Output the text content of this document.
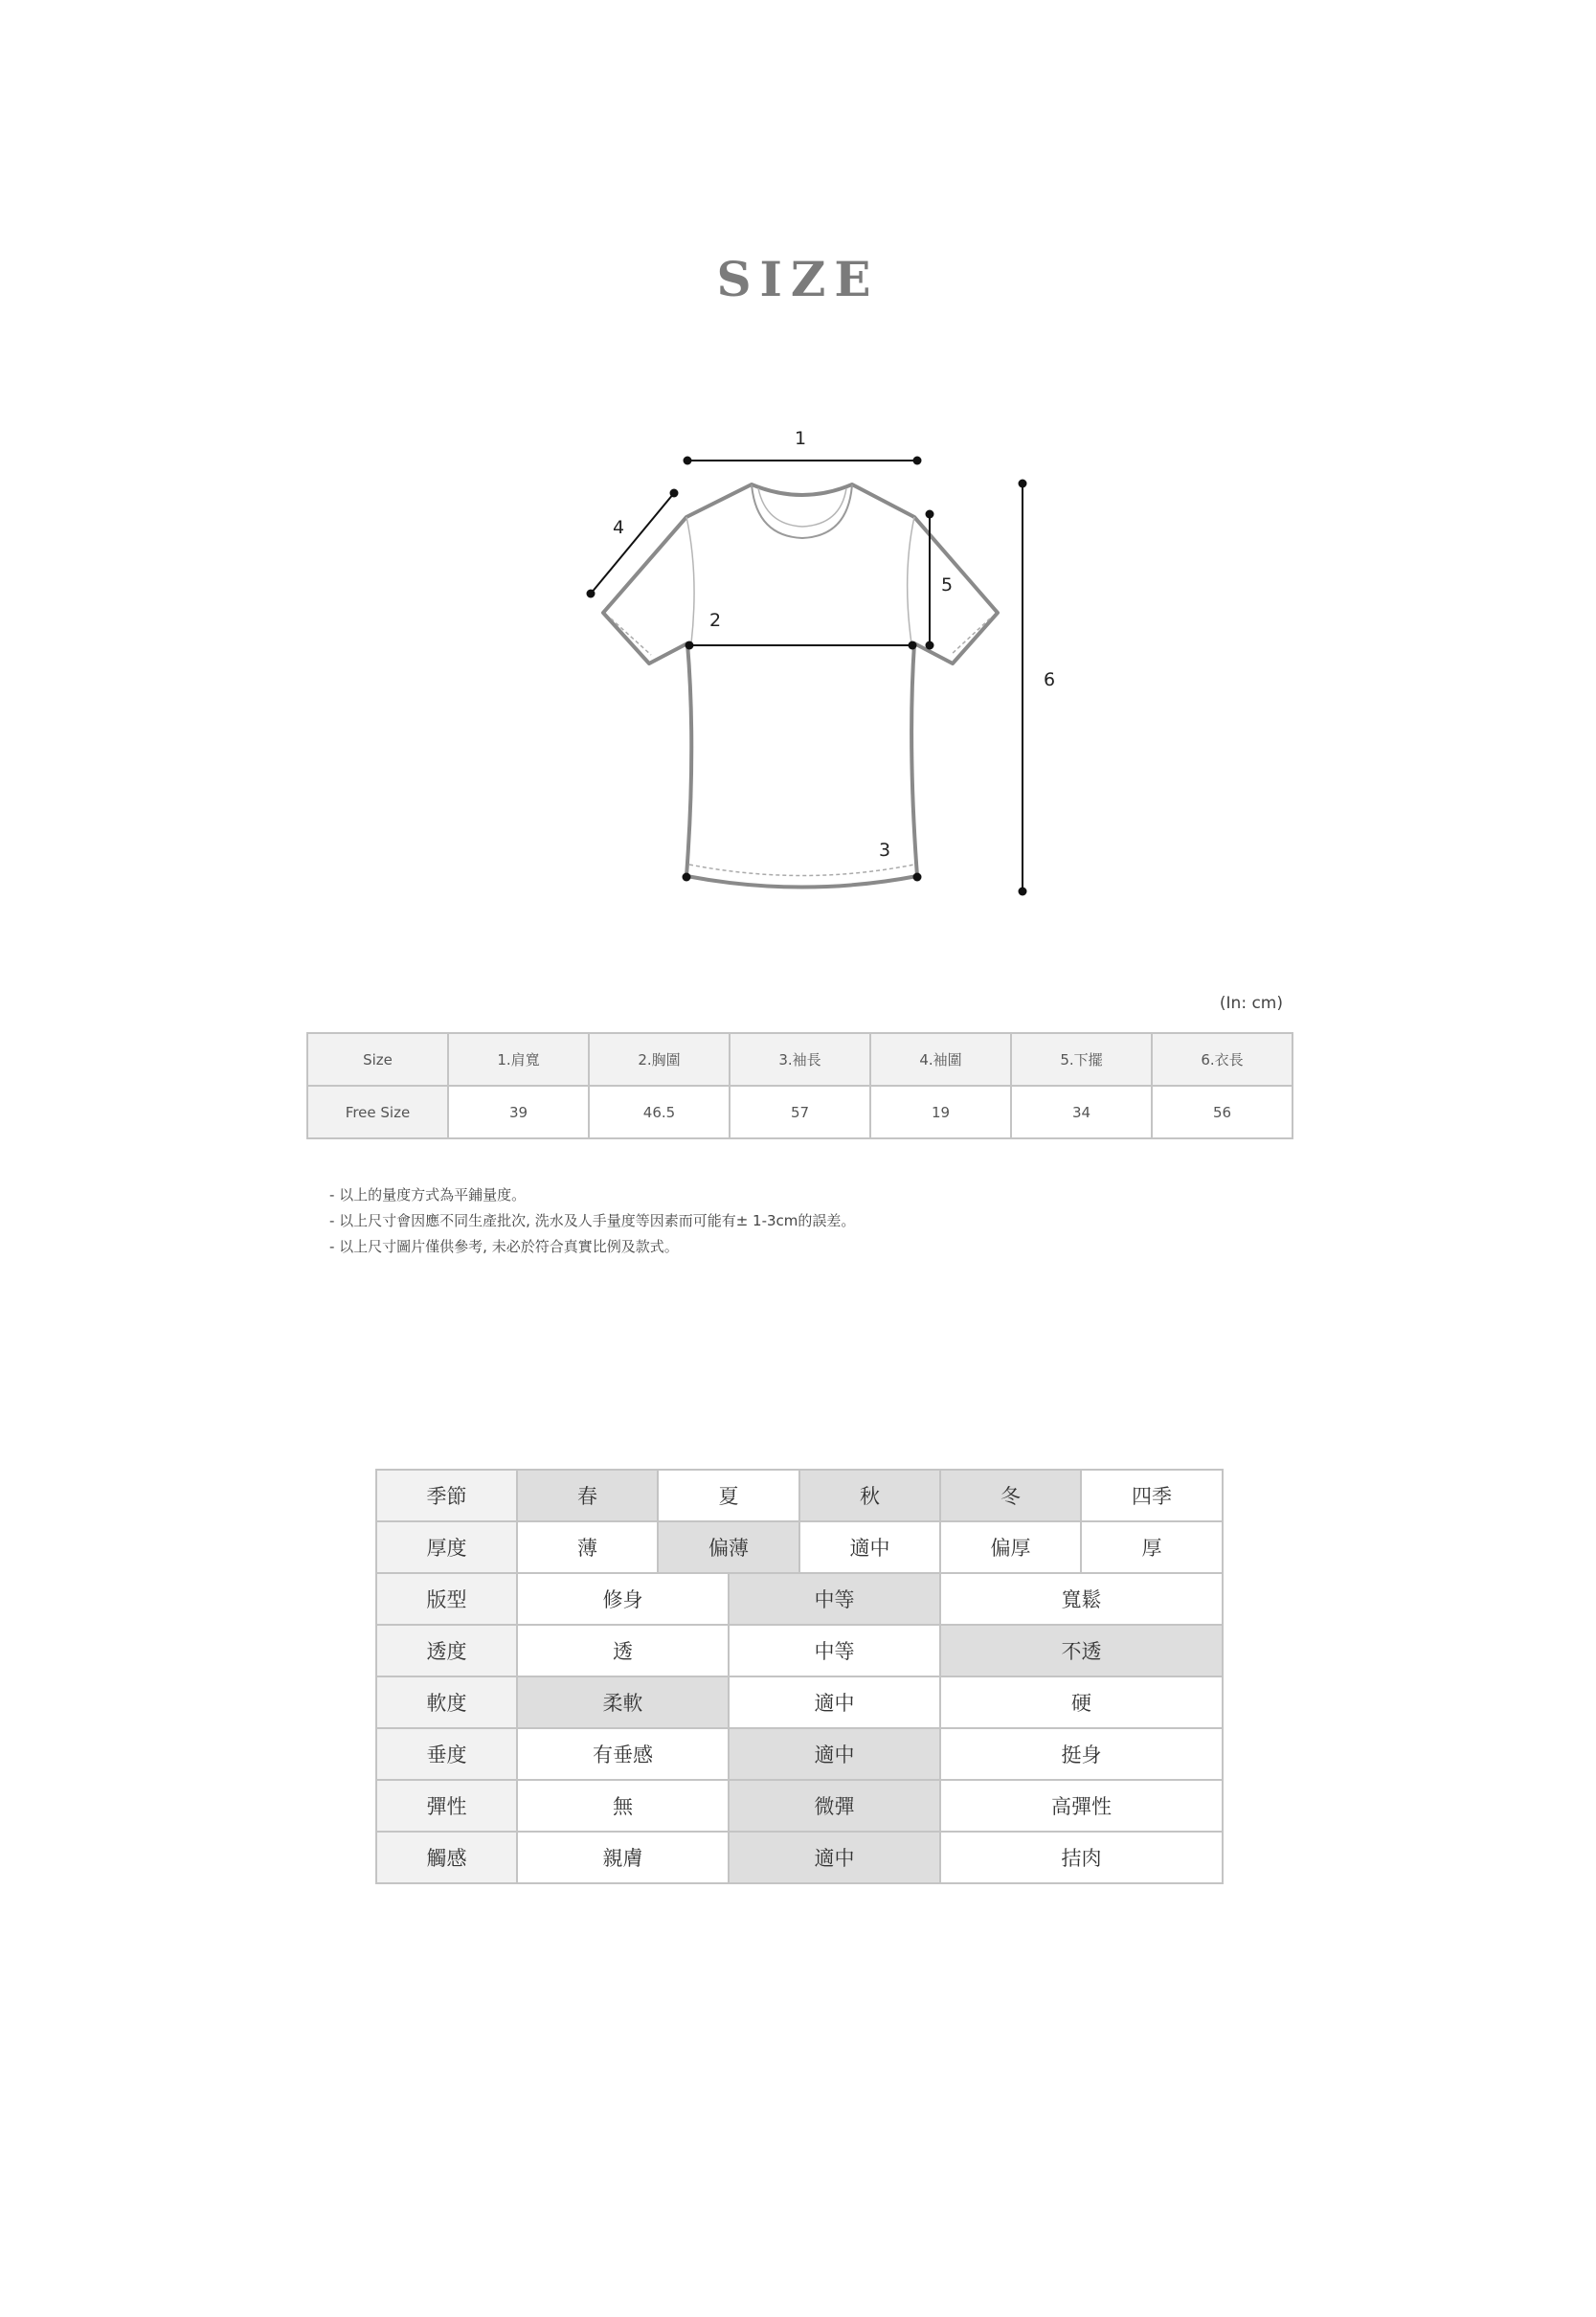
SIZE
1
2
3
4
5
6
(In: cm)
Size	1.肩寬	2.胸圍	3.袖長	4.袖圍	5.下擺	6.衣長
Free Size	39	46.5	57	19	34	56
- 以上的量度方式為平鋪量度。
- 以上尺寸會因應不同生產批次, 洗水及人手量度等因素而可能有± 1-3cm的誤差。
- 以上尺寸圖片僅供參考, 未必於符合真實比例及款式。
季節	春	夏		秋	冬	四季
厚度	薄	偏薄		適中	偏厚	厚
版型	修身		中等		寬鬆	
透度	透		中等		不透	
軟度	柔軟		適中		硬	
垂度	有垂感		適中		挺身	
彈性	無		微彈		高彈性	
觸感	親膚		適中		拮肉	
